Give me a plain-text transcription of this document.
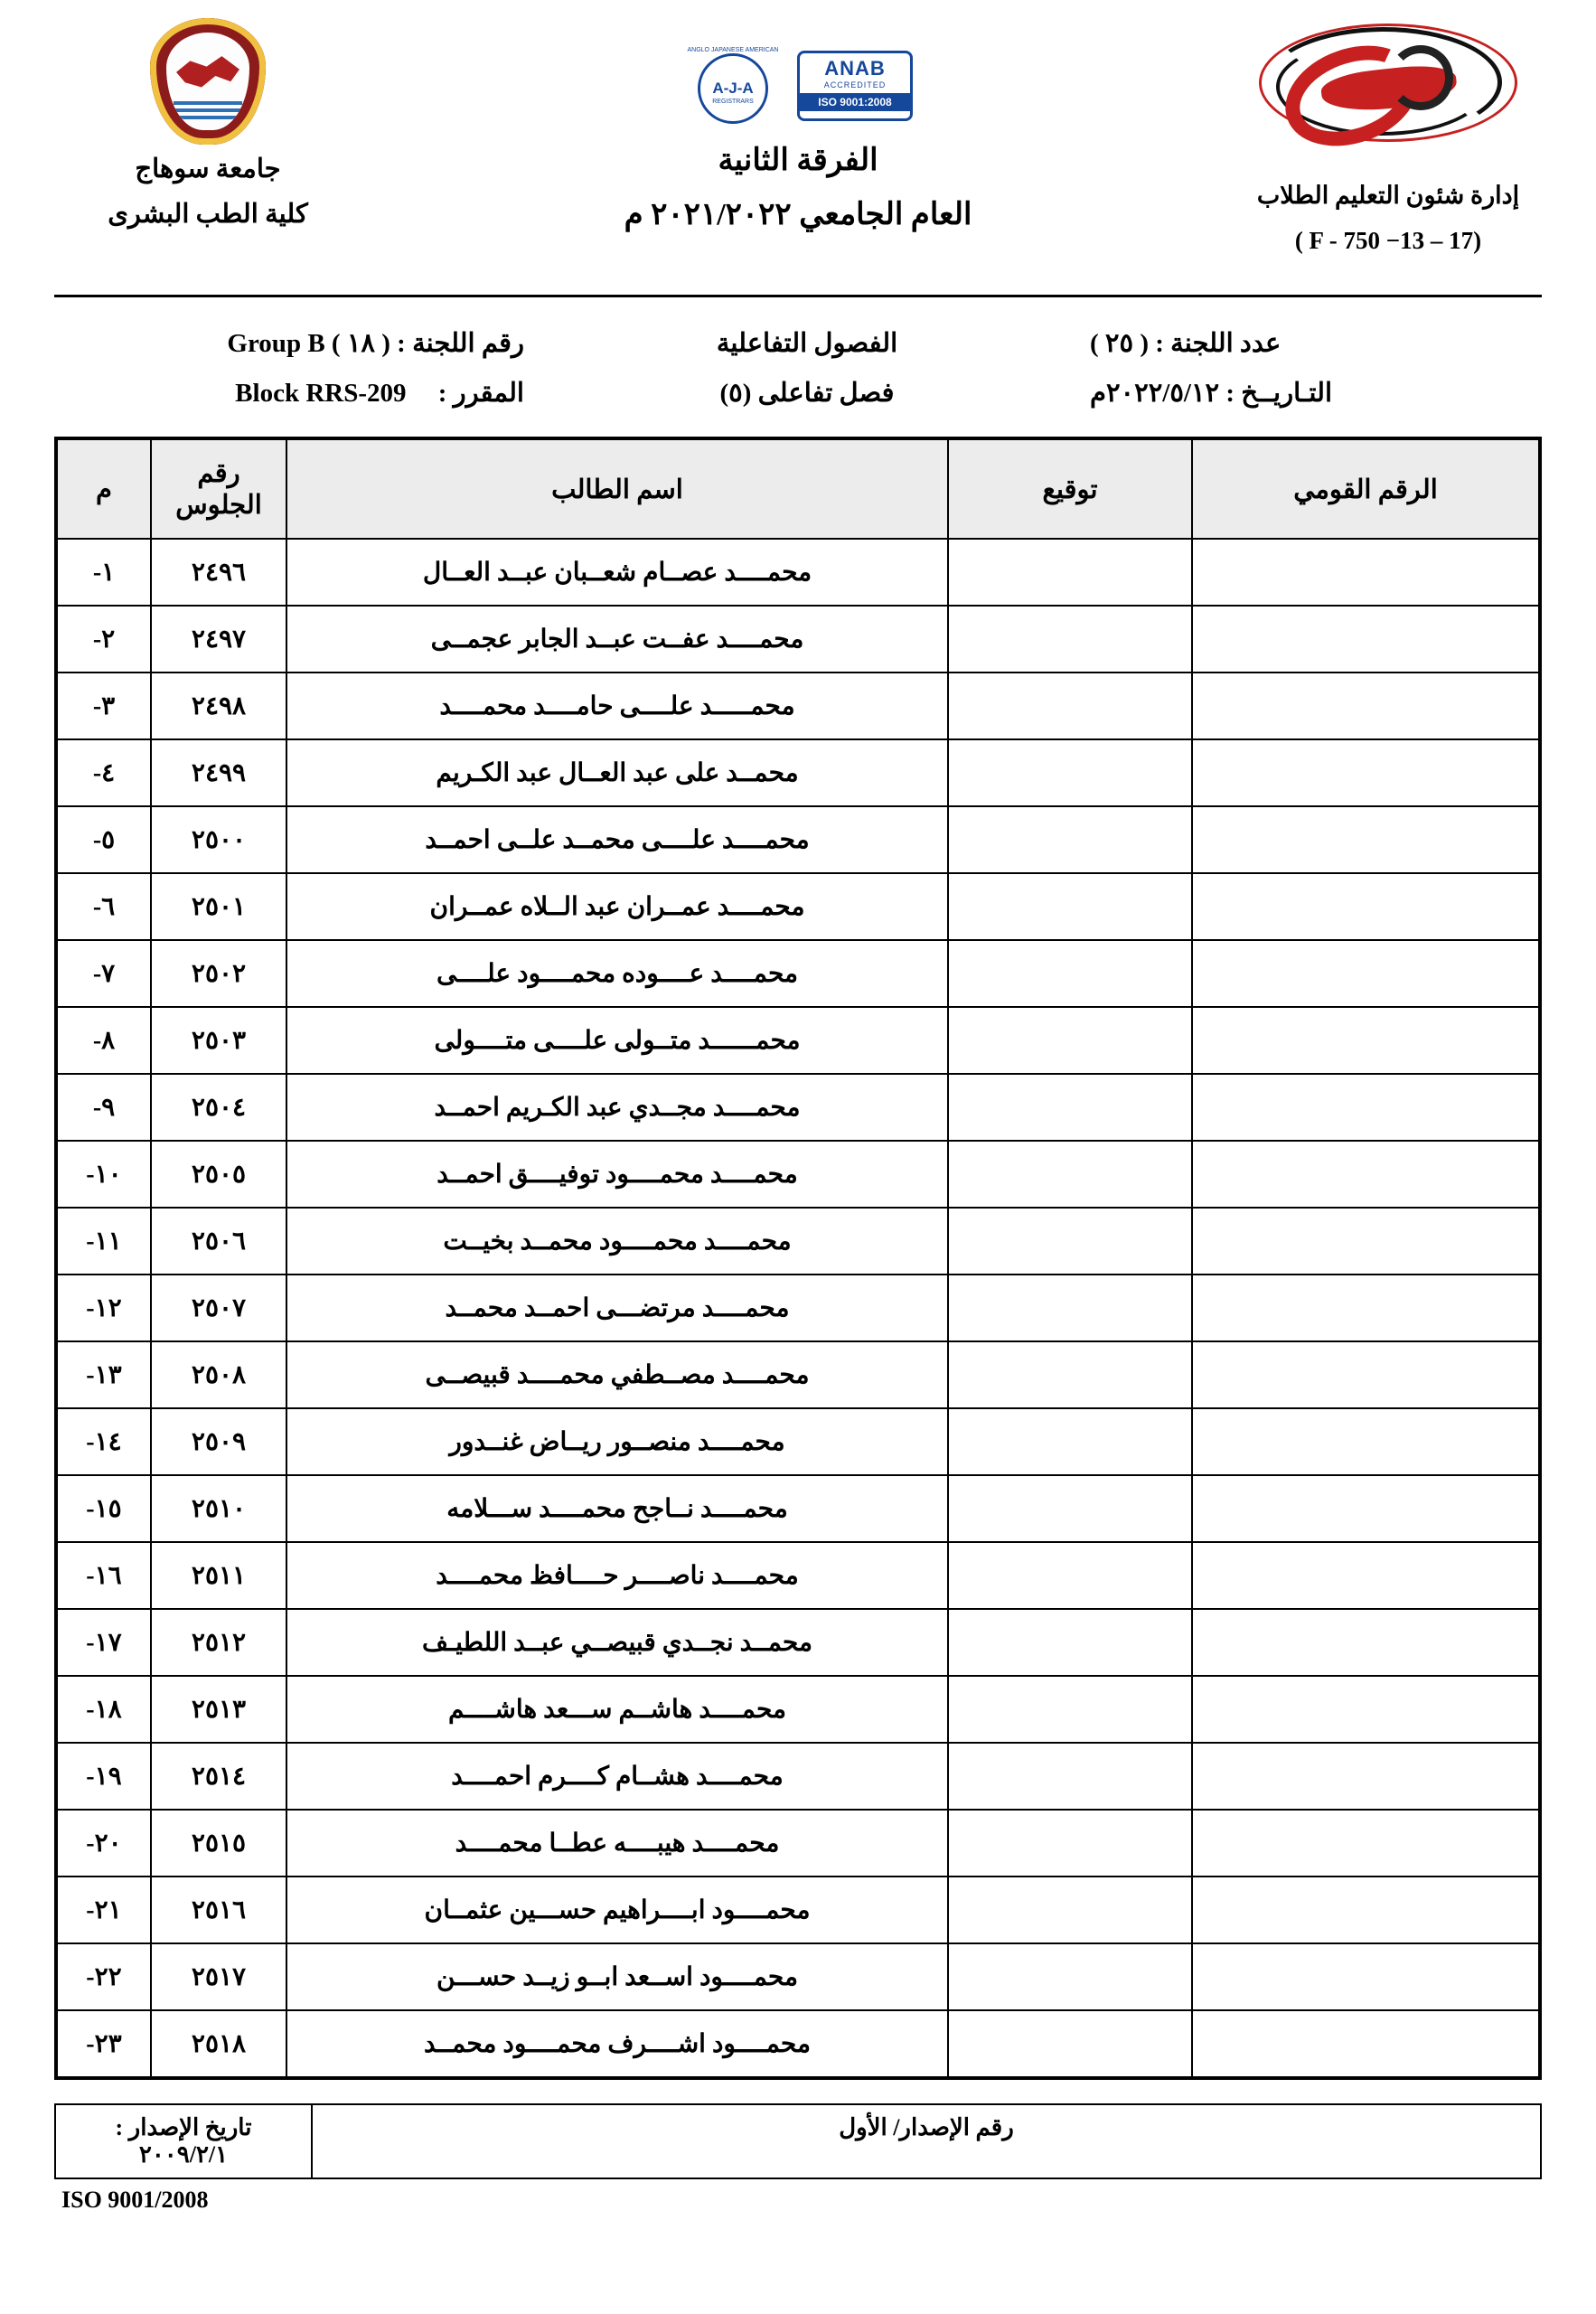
جامعة سوهاج
كلية الطب البشرى
ANAB
ACCREDITED
ISO 9001:2008
ANGLO JAPANESE AMERICAN
A-J-A
REGISTRARS
الفرقة الثانية
العام الجامعي ٢٠٢١/٢٠٢٢ م
إدارة شئون التعليم الطلاب
( F - 750 −13 – 17)
عدد اللجنة : ( ٢٥ )
التـاريــخ : ٢٠٢٢/٥/١٢م
الفصول التفاعلية
فصل تفاعلى (٥)
رقم اللجنة : ( ١٨ ) Group B
المقرر : Block RRS-209
الرقم القومي	توقيع	اسم الطالب	رقم الجلوس	م
		محمــــد عصــام شعــبان عبــد العــال	٢٤٩٦	١-
		محمــــد عفــت عبــد الجابر عجمــى	٢٤٩٧	٢-
		محمـــــد علــــى حامــــد محمــــد	٢٤٩٨	٣-
		محمــد على عبد العــال عبد الكـريم	٢٤٩٩	٤-
		محمــــد علــــى محمــد علــى احمــد	٢٥٠٠	٥-
		محمــــد عمــران عبد الــلاه عمــران	٢٥٠١	٦-
		محمــــد عــــوده محمــــود علــــى	٢٥٠٢	٧-
		محمــــــد متــولى علــــى متــــولى	٢٥٠٣	٨-
		محمــــد مجــدي عبد الكـريم احمــد	٢٥٠٤	٩-
		محمــــد محمــــود توفيــــق احمــد	٢٥٠٥	١٠-
		محمــــد محمــــود محمــد بخيــت	٢٥٠٦	١١-
		محمــــد مرتضـــى احمــد محمــد	٢٥٠٧	١٢-
		محمــــد مصــطفي محمــــد قبيصــى	٢٥٠٨	١٣-
		محمــــد منصــور ريــاض غنــدور	٢٥٠٩	١٤-
		محمــــد نــاجح محمــــد ســـلامه	٢٥١٠	١٥-
		محمــــد ناصــــر حــــافظ محمــــد	٢٥١١	١٦-
		محمــد نجــدي قبيصــي عبــد اللطيـف	٢٥١٢	١٧-
		محمــــد هاشــم ســـعد هاشــــم	٢٥١٣	١٨-
		محمــــد هشــام كــــرم احمــــد	٢٥١٤	١٩-
		محمــــد هيبــــه عطــا محمــــد	٢٥١٥	٢٠-
		محمــــود ابــــراهيم حســـين عثمــان	٢٥١٦	٢١-
		محمــــود اســعد ابــو زيــد حســـن	٢٥١٧	٢٢-
		محمــــود اشــــرف محمــــود محمــد	٢٥١٨	٢٣-
رقم الإصدار/ الأول
تاريخ الإصدار : ٢٠٠٩/٢/١
ISO 9001/2008
